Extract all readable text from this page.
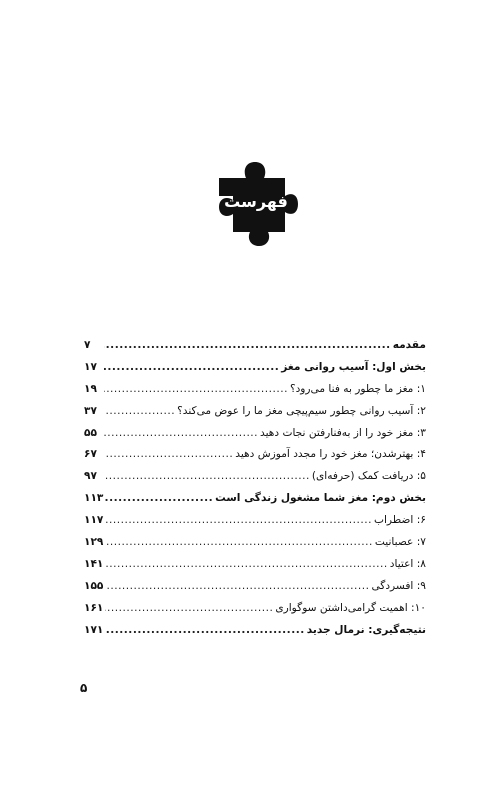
فهرست
مقدمه
.....
۷
بخش اول: آسیب روانی مغز
.....
۱۷
۱: مغز ما چطور به فنا می‌رود؟
.....
۱۹
۲: آسیب روانی چطور سیم‌پیچی مغز ما را عوض می‌کند؟
.....
۳۷
۳: مغز خود را از به‌فنارفتن نجات دهید
.....
۵۵
۴: بهترشدن؛ مغز خود را مجدد آموزش دهید
.....
۶۷
۵: دریافت کمک (حرفه‌ای)
.....
۹۷
بخش دوم: مغز شما مشغول زندگی است
.....
۱۱۳
۶: اضطراب
.....
۱۱۷
۷: عصبانیت
.....
۱۲۹
۸: اعتیاد
.....
۱۴۱
۹: افسردگی
.....
۱۵۵
۱۰: اهمیت گرامی‌داشتن سوگواری
.....
۱۶۱
نتیجه‌گیری: نرمال جدید
.....
۱۷۱
۵
